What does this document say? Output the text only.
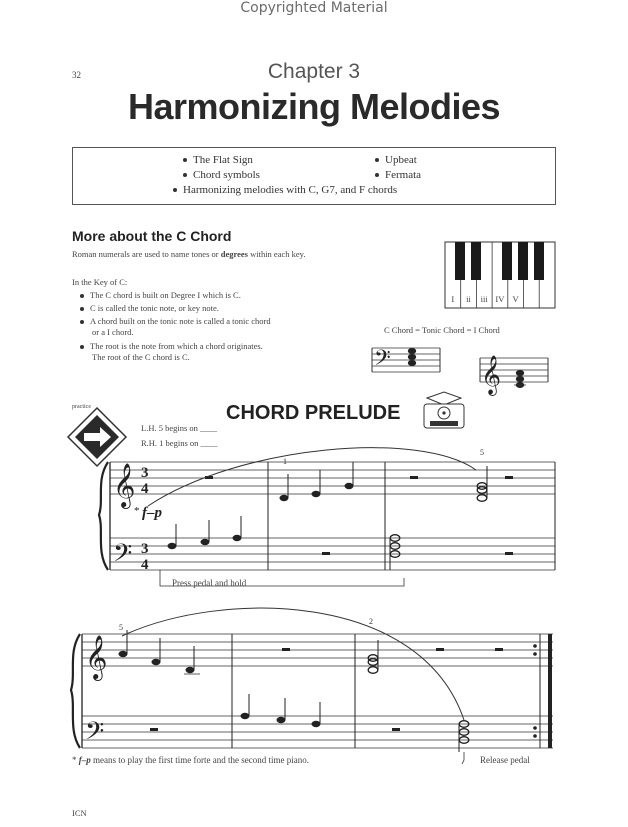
Copyrighted Material
32	Chapter 3
Harmonizing Melodies
The Flat Sign	Upbeat
Chord symbols	Fermata
Harmonizing melodies with C, G7, and F chords
More about the C Chord
Roman numerals are used to name tones or degrees within each key.
In the Key of C:
The C chord is built on Degree I which is C.
C is called the tonic note, or key note.
A chord built on the tonic note is called a tonic chord
or a I chord.
The root is the note from which a chord originates.
The root of the C chord is C.	𝄢	𝄞
𝄞
𝄢
3
4
3
4
* f–p
1
5
𝄞
𝄢
5
2
I	ii	iii IV V
C Chord = Tonic Chord = I Chord
CHORD PRELUDE
L.H. 5 begins on ____
R.H. 1 begins on ____
practice
Press pedal and hold
Release pedal
* f–p means to play the first time forte and the second time piano.
ICN
